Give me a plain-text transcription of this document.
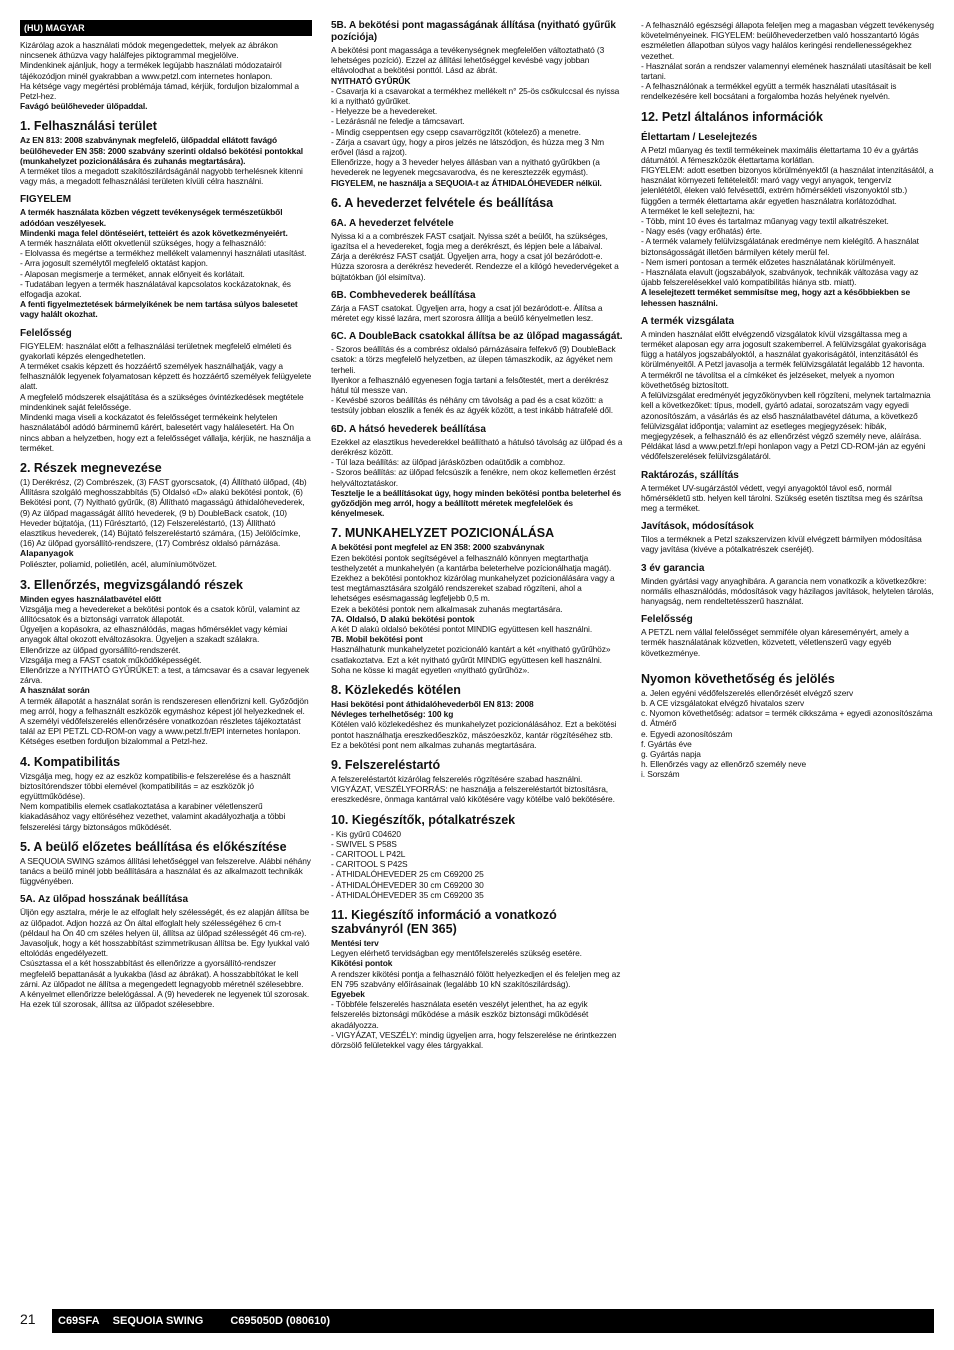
(HU) MAGYAR

Kizárólag azok a használati módok megengedettek, melyek az ábrákon nincsenek áthúzva vagy halálfejes piktogrammal megjelölve.
Mindenkinek ajánljuk, hogy a termékek legújabb használati módozatairól tájékozódjon minél gyakrabban a www.petzl.com internetes honlapon.
Ha kétsége vagy megértési problémája támad, kérjük, forduljon bizalommal a Petzl-hez.

Favágó beülőheveder ülőpaddal.

1. Felhasználási terület

Az EN 813: 2008 szabványnak megfelelő, ülőpaddal ellátott favágó beülőheveder EN 358: 2000 szabvány szerinti oldalsó bekötési pontokkal (munkahelyzet pozicionálására és zuhanás megtartására).

A terméket tilos a megadott szakítószilárdságánál nagyobb terhelésnek kitenni vagy más, a megadott felhasználási területen kívüli célra használni.

FIGYELEM

A termék használata közben végzett tevékenységek természetükből adódóan veszélyesek.
Mindenki maga felel döntéseiért, tetteiért és azok következményeiért.

A termék használata előtt okvetlenül szükséges, hogy a felhasználó:
- Elolvassa és megértse a termékhez mellékelt valamennyi használati utasítást.
- Arra jogosult személytől megfelelő oktatást kapjon.
- Alaposan megismerje a terméket, annak előnyeit és korlátait.
- Tudatában legyen a termék használatával kapcsolatos kockázatoknak, és elfogadja azokat.

A fenti figyelmeztetések bármelyikének be nem tartása súlyos balesetet vagy halált okozhat.

Felelősség

FIGYELEM: használat előtt a felhasználási területnek megfelelő elméleti és gyakorlati képzés elengedhetetlen.
A terméket csakis képzett és hozzáértő személyek használhatják, vagy a felhasználók legyenek folyamatosan képzett és hozzáértő személyek felügyelete alatt.
A megfelelő módszerek elsajátítása és a szükséges óvintézkedések megtétele mindenkinek saját felelőssége.
Mindenki maga viseli a kockázatot és felelősséget termékeink helytelen használatából adódó bárminemű kárért, balesetért vagy halálesetért. Ha Ön nincs abban a helyzetben, hogy ezt a felelősséget vállalja, kérjük, ne használja a terméket.

2. Részek megnevezése

(1) Derékrész, (2) Combrészek, (3) FAST gyorscsatok, (4) Állítható ülőpad, (4b) Állításra szolgáló meghosszabbítás (5) Oldalsó «D» alakú bekötési pontok, (6) Bekötési pont, (7) Nyitható gyűrűk, (8) Állítható magasságú áthidalóhevederek, (9) Az ülőpad magasságát állító hevederek, (9 b) DoubleBack csatok, (10) Heveder bújtatója, (11) Fűrésztartó, (12) Felszereléstartó, (13) Állítható elasztikus hevederek, (14) Bújtató felszereléstartó számára, (15) Jelölőcímke, (16) Az ülőpad gyorsállító-rendszere, (17) Combrész oldalsó párnázása.

Alapanyagok

Poliészter, poliamid, polietilén, acél, alumíniumötvözet.

3. Ellenőrzés, megvizsgálandó részek

Minden egyes használatbavétel előtt

Vizsgálja meg a hevedereket a bekötési pontok és a csatok körül, valamint az állítócsatok és a biztonsági varratok állapotát.
Ügyeljen a kopásokra, az elhasználódás, magas hőmérséklet vagy kémiai anyagok által okozott elváltozásokra. Ügyeljen a szakadt szálakra.
Ellenőrizze az ülőpad gyorsállító-rendszerét.
Vizsgálja meg a FAST csatok működőképességét.
Ellenőrizze a NYITHATÓ GYŰRŰKET: a test, a támcsavar és a csavar legyenek zárva.

A használat során

A termék állapotát a használat során is rendszeresen ellenőrizni kell. Győződjön meg arról, hogy a felhasznált eszközök egymáshoz képest jól helyezkednek el.
A személyi védőfelszerelés ellenőrzésére vonatkozóan részletes tájékoztatást talál az EPI PETZL CD-ROM-on vagy a www.petzl.fr/EPI internetes honlapon. Kétséges esetben forduljon bizalommal a Petzl-hez.

4. Kompatibilitás

Vizsgálja meg, hogy ez az eszköz kompatibilis-e felszerelése és a használt biztosítórendszer többi elemével (kompatibilitás = az eszközök jó együttműködése).
Nem kompatibilis elemek csatlakoztatása a karabiner véletlenszerű kiakadásához vagy eltöréséhez vezethet, valamint akadályozhatja a többi felszerelési tárgy biztonságos működését.

5. A beülő előzetes beállítása és előkészítése

A SEQUOIA SWING számos állítási lehetőséggel van felszerelve. Alábbi néhány tanács a beülő minél jobb beállítására a használat és az alkalmazott technikák függvényében.

5A. Az ülőpad hosszának beállítása

Üljön egy asztalra, mérje le az elfoglalt hely szélességét, és ez alapján állítsa be az ülőpadot. Adjon hozzá az Ön által elfoglalt hely szélességéhez 6 cm-t (példaul ha Ön 40 cm széles helyen ül, állítsa az ülőpad szélességét 46 cm-re).
Javasoljuk, hogy a két hosszabbítást szimmetrikusan állítsa be. Egy lyukkal való eltolódás engedélyezett.
Csúsztassa el a két hosszabbítást és ellenőrizze a gyorsállító-rendszer megfelelő bepattanását a lyukakba (lásd az ábrákat). A hosszabbítókat le kell zárni. Az ülőpadot ne állítsa a megengedett legnagyobb méretnél szélesebbre.
A kényelmet ellenőrizze belelógással. A (9) hevederek ne legyenek túl szorosak. Ha ezek túl szorosak, állítsa az ülőpadot szélesebbre.

5B. A bekötési pont magasságának állítása (nyitható gyűrűk pozíciója)

A bekötési pont magassága a tevékenységnek megfelelően változtatható (3 lehetséges pozíció). Ezzel az állítási lehetőséggel kevésbé vagy jobban eltávolodhat a bekötési ponttól. Lásd az ábrát.

NYITHATÓ GYŰRŰK

- Csavarja ki a csavarokat a termékhez mellékelt n° 25-ös csőkulccsal és nyissa ki a nyitható gyűrűket.
- Helyezze be a hevedereket.
- Lezárásnál ne feledje a támcsavart.
- Mindig cseppentsen egy csepp csavarrögzítőt (kötelező) a menetre.
- Zárja a csavart úgy, hogy a piros jelzés ne látszódjon, és húzza meg 3 Nm erővel (lásd a rajzot).
Ellenőrizze, hogy a 3 heveder helyes állásban van a nyitható gyűrűkben (a hevederek ne legyenek megcsavarodva, és ne keresztezzék egymást).

FIGYELEM, ne használja a SEQUOIA-t az ÁTHIDALÓHEVEDER nélkül.

6. A hevederzet felvétele és beállítása
6A. A hevederzet felvétele

Nyissa ki a a combrészek FAST csatjait. Nyissa szét a beülőt, ha szükséges, igazítsa el a hevedereket, fogja meg a derékrészt, és lépjen bele a lábaival.
Zárja a derékrész FAST csatját. Ügyeljen arra, hogy a csat jól bezáródott-e. Húzza szorosra a derékrész hevederét. Rendezze el a kilógó hevedervégeket a bújtatókban (jól elsimítva).

6B. Combhevederek beállítása

Zárja a FAST csatokat. Ügyeljen arra, hogy a csat jól bezáródott-e. Állítsa a méretet egy kissé lazára, mert szorosra állítja a beülő kényelmetlen lesz.

6C. A DoubleBack csatokkal állítsa be az ülőpad magasságát.

- Szoros beállítás és a combrész oldalsó párnázásaira felfekvő (9) DoubleBack csatok: a törzs megfelelő helyzetben, az ülepen támaszkodik, az ágyéket nem terheli.
Ilyenkor a felhasználó egyenesen fogja tartani a felsőtestét, mert a derékrész hátul túl messze van.
- Kevésbé szoros beállítás és néhány cm távolság a pad és a csat között: a testsúly jobban eloszlik a fenék és az ágyék között, a test inkább hátrafelé dől.

6D. A hátsó hevederek beállítása

Ezekkel az elasztikus hevederekkel beállítható a hátulsó távolság az ülőpad és a derékrész között.
- Túl laza beállítás: az ülőpad járásközben odaütődik a combhoz.
- Szoros beállítás: az ülőpad felcsúszik a fenékre, nem okoz kellemetlen érzést helyváltoztatáskor.

Tesztelje le a beállításokat úgy, hogy minden bekötési pontba beleterhel és győződjön meg arról, hogy a beállított méretek megfelelőek és kényelmesek.

7. MUNKAHELYZET POZICIONÁLÁSA

A bekötési pont megfelel az EN 358: 2000 szabványnak

Ezen bekötési pontok segítségével a felhasználó könnyen megtarthatja testhelyzetét a munkahelyén (a kantárba beleterhelve pozícionálhatja magát). Ezekhez a bekötési pontokhoz kizárólag munkahelyzet pozicionálására vagy a test megtámasztására szolgáló rendszereket szabad rögzíteni, ahol a lehetséges esésmagasság legfeljebb 0,5 m.
Ezek a bekötési pontok nem alkalmasak zuhanás megtartására.

7A. Oldalsó, D alakú bekötési pontok

A két D alakú oldalsó bekötési pontot MINDIG együttesen kell használni.

7B. Mobil bekötési pont

Használhatunk munkahelyzetet pozicionáló kantárt a két «nyitható gyűrűhöz» csatlakoztatva. Ezt a két nyitható gyűrűt MINDIG együttesen kell használni. Soha ne kösse ki magát egyetlen «nyitható gyűrűhöz».

8. Közlekedés kötélen

Hasi bekötési pont áthidalóhevederből EN 813: 2008
Névleges terhelhetőség: 100 kg

Kötélen való közlekedéshez és munkahelyzet pozicionálásához. Ezt a bekötési pontot használhatja ereszkedőeszköz, mászóeszköz, kantár rögzítéséhez stb.
Ez a bekötési pont nem alkalmas zuhanás megtartására.

9. Felszereléstartó

A felszereléstartót kizárólag felszerelés rögzítésére szabad használni.
VIGYÁZAT, VESZÉLYFORRÁS: ne használja a felszereléstartót biztosításra, ereszkedésre, önmaga kantárral való kikötésére vagy kötélbe való bekötésére.

10. Kiegészítők, pótalkatrészek

- Kis gyűrű C04620
- SWIVEL S P58S
- CARITOOL L P42L
- CARITOOL S P42S
- ÁTHIDALÓHEVEDER 25 cm C69200 25
- ÁTHIDALÓHEVEDER 30 cm C69200 30
- ÁTHIDALÓHEVEDER 35 cm C69200 35

11. Kiegészítő információ a vonatkozó szabványról (EN 365)

Mentési terv

Legyen elérhető tervidságban egy mentőfelszerelés szükség esetére.

Kikötési pontok

A rendszer kikötési pontja a felhasználó fölött helyezkedjen el és feleljen meg az EN 795 szabvány előírásainak (legalább 10 kN szakítószilárdság).

Egyebek

- Többféle felszerelés használata esetén veszélyt jelenthet, ha az egyik felszerelés biztonsági működése a másik eszköz biztonsági működését akadályozza.
- VIGYÁZAT, VESZÉLY: mindig ügyeljen arra, hogy felszerelése ne érintkezzen dörzsölő felületekkel vagy éles tárgyakkal.

- A felhasználó egészségi állapota feleljen meg a magasban végzett tevékenység követelményeinek. FIGYELEM: beülőhevederzetben való hosszantartó lógás eszméletlen állapotban súlyos vagy halálos keringési rendellenességekhez vezethet.
- Használat során a rendszer valamennyi elemének használati utasításait be kell tartani.
- A felhasználónak a termékkel együtt a termék használati utasításait is rendelkezésére kell bocsátani a forgalomba hozás helyének nyelvén.

12. Petzl általános információk
Élettartam / Leselejtezés

A Petzl műanyag és textil termékeinek maximális élettartama 10 év a gyártás dátumától. A fémeszközök élettartama korlátlan.
FIGYELEM: adott esetben bizonyos körülményektől (a használat intenzitásától, a használat környezeti feltételeitől: maró vagy vegyi anyagok, tengervíz jelenlététől, éleken való felvésettől, extrém hőmérsékleti viszonyoktól stb.) függően a termék élettartama akár egyetlen használatra korlátozódhat.
A terméket le kell selejtezni, ha:
- Több, mint 10 éves és tartalmaz műanyag vagy textil alkatrészeket.
- Nagy esés (vagy erőhatás) érte.
- A termék valamely felülvizsgálatának eredménye nem kielégítő. A használat biztonságosságát illetően bármilyen kétely merül fel.
- Nem ismeri pontosan a termék előzetes használatának körülményeit.
- Használata elavult (jogszabályok, szabványok, technikák változása vagy az újabb felszerelésekkel való kompatibilitás hiánya stb. miatt).

A leselejtezett terméket semmisítse meg, hogy azt a későbbiekben se lehessen használni.

A termék vizsgálata

A minden használat előtt elvégzendő vizsgálatok kívül vizsgáltassa meg a terméket alaposan egy arra jogosult szakemberrel. A felülvizsgálat gyakorisága függ a hatályos jogszabályoktól, a használat gyakoriságától, intenzitásától és körülményeitől. A Petzl javasolja a termék felülvizsgálatát legalább 12 havonta.
A termékről ne távolítsa el a címkéket és jelzéseket, melyek a nyomon követhetőség biztosított.
A felülvizsgálat eredményét jegyzőkönyvben kell rögzíteni, melynek tartalmaznia kell a következőket: típus, modell, gyártó adatai, sorozatszám vagy egyedi azonosítószám, a vásárlás és az első használatbavétel dátuma, a következő felülvizsgálat időpontja; valamint az esetleges megjegyzések: hibák, megjegyzések, a felhasználó és az ellenőrzést végző személy neve, aláírása.
Példákat lásd a www.petzl.fr/epi honlapon vagy a Petzl CD-ROM-ján az egyéni védőfelszerelések felülvizsgálatáról.

Raktározás, szállítás

A terméket UV-sugárzástól védett, vegyi anyagoktól távol eső, normál hőmérsékletű stb. helyen kell tárolni. Szükség esetén tisztítsa meg és szárítsa meg a terméket.

Javítások, módosítások

Tilos a terméknek a Petzl szakszervizen kívül elvégzett bármilyen módosítása vagy javítása (kivéve a pótalkatrészek cseréjét).

3 év garancia

Minden gyártási vagy anyaghibára. A garancia nem vonatkozik a következőkre: normális elhasználódás, módosítások vagy házilagos javítások, helytelen tárolás, hanyagság, nem rendeltetésszerű használat.

Felelősség

A PETZL nem vállal felelősséget semmiféle olyan káreseményért, amely a termék használatának közvetlen, közvetett, véletlenszerű vagy egyéb következménye.

Nyomon követhetőség és jelölés

a. Jelen egyéni védőfelszerelés ellenőrzését elvégző szerv
b. A CE vizsgálatokat elvégző hivatalos szerv
c. Nyomon követhetőség: adatsor = termék cikkszáma + egyedi azonosítószáma
d. Átmérő
e. Egyedi azonosítószám
f. Gyártás éve
g. Gyártás napja
h. Ellenőrzés vagy az ellenőrző személy neve
i. Sorszám

21	C69SFA SEQUOIA SWING C695050D (080610)
